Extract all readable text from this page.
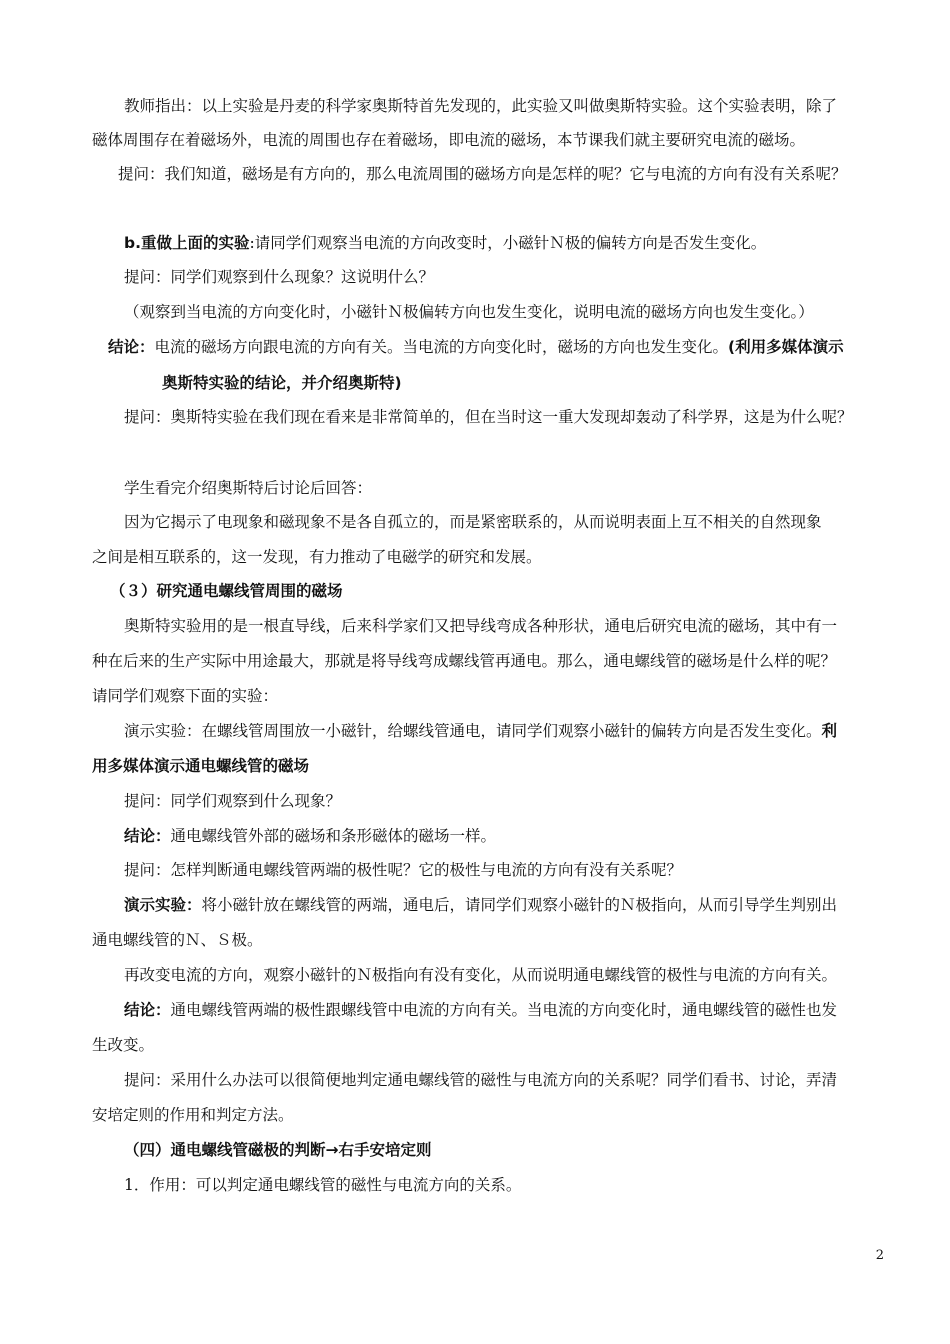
教师指出：以上实验是丹麦的科学家奥斯特首先发现的，此实验又叫做奥斯特实验。这个实验表明，除了
磁体周围存在着磁场外，电流的周围也存在着磁场，即电流的磁场，本节课我们就主要研究电流的磁场。
提问：我们知道，磁场是有方向的，那么电流周围的磁场方向是怎样的呢？它与电流的方向有没有关系呢？
b.重做上面的实验:请同学们观察当电流的方向改变时，小磁针Ｎ极的偏转方向是否发生变化。
提问：同学们观察到什么现象？这说明什么？
（观察到当电流的方向变化时，小磁针Ｎ极偏转方向也发生变化，说明电流的磁场方向也发生变化。）
结论：电流的磁场方向跟电流的方向有关。当电流的方向变化时，磁场的方向也发生变化。(利用多媒体演示
奥斯特实验的结论，并介绍奥斯特)
提问：奥斯特实验在我们现在看来是非常简单的，但在当时这一重大发现却轰动了科学界，这是为什么呢？
学生看完介绍奥斯特后讨论后回答：
因为它揭示了电现象和磁现象不是各自孤立的，而是紧密联系的，从而说明表面上互不相关的自然现象
之间是相互联系的，这一发现，有力推动了电磁学的研究和发展。
（３）研究通电螺线管周围的磁场
奥斯特实验用的是一根直导线，后来科学家们又把导线弯成各种形状，通电后研究电流的磁场，其中有一
种在后来的生产实际中用途最大，那就是将导线弯成螺线管再通电。那么，通电螺线管的磁场是什么样的呢？
请同学们观察下面的实验：
演示实验：在螺线管周围放一小磁针，给螺线管通电，请同学们观察小磁针的偏转方向是否发生变化。利
用多媒体演示通电螺线管的磁场
提问：同学们观察到什么现象？
结论：通电螺线管外部的磁场和条形磁体的磁场一样。
提问：怎样判断通电螺线管两端的极性呢？它的极性与电流的方向有没有关系呢？
演示实验：将小磁针放在螺线管的两端，通电后，请同学们观察小磁针的Ｎ极指向，从而引导学生判别出
通电螺线管的Ｎ、Ｓ极。
再改变电流的方向，观察小磁针的Ｎ极指向有没有变化，从而说明通电螺线管的极性与电流的方向有关。
结论：通电螺线管两端的极性跟螺线管中电流的方向有关。当电流的方向变化时，通电螺线管的磁性也发
生改变。
提问：采用什么办法可以很简便地判定通电螺线管的磁性与电流方向的关系呢？同学们看书、讨论，弄清
安培定则的作用和判定方法。
（四）通电螺线管磁极的判断→右手安培定则
1．作用：可以判定通电螺线管的磁性与电流方向的关系。
2
